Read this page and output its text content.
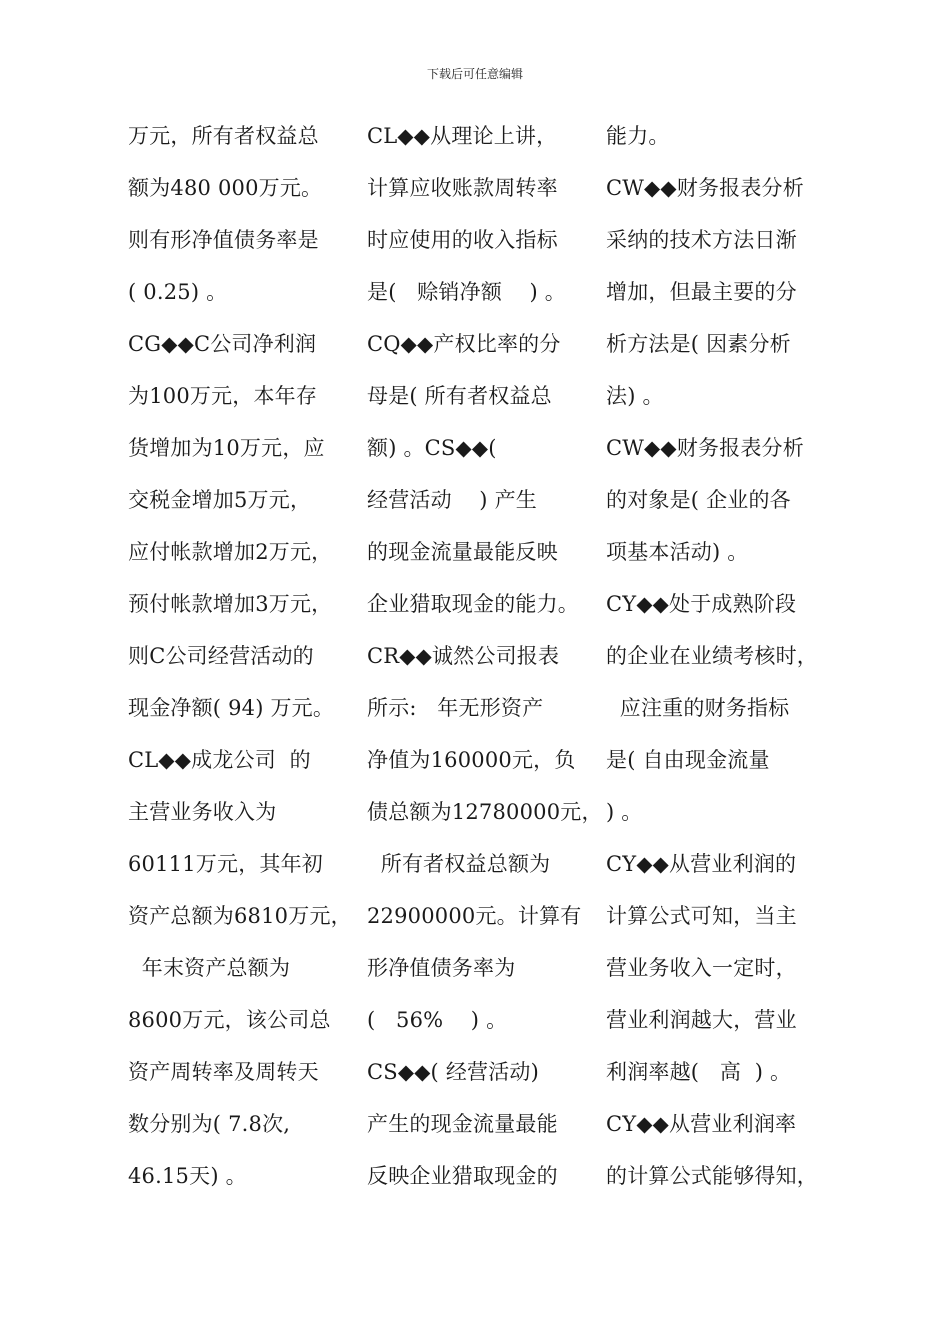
下载后可任意编辑
万元，所有者权益总
额为480 000万元。
则有形净值债务率是
( 0.25) 。
CG◆◆C公司净利润
为100万元，本年存
货增加为10万元，应
交税金增加5万元，
应付帐款增加2万元，
预付帐款增加3万元，
则C公司经营活动的
现金净额( 94) 万元。
CL◆◆成龙公司  的
主营业务收入为
60111万元，其年初
资产总额为6810万元，
年末资产总额为
8600万元，该公司总
资产周转率及周转天
数分别为( 7.8次,
46.15天) 。
CL◆◆从理论上讲，
计算应收账款周转率
时应使用的收入指标
是(   赊销净额    ) 。
CQ◆◆产权比率的分
母是( 所有者权益总
额) 。CS◆◆(
经营活动    ) 产生
的现金流量最能反映
企业猎取现金的能力。
CR◆◆诚然公司报表
所示:   年无形资产
净值为160000元，负
债总额为12780000元，
所有者权益总额为
22900000元。计算有
形净值债务率为
(   56%    ) 。
CS◆◆( 经营活动)
产生的现金流量最能
反映企业猎取现金的
能力。
CW◆◆财务报表分析
采纳的技术方法日渐
增加，但最主要的分
析方法是( 因素分析
法) 。
CW◆◆财务报表分析
的对象是( 企业的各
项基本活动) 。
CY◆◆处于成熟阶段
的企业在业绩考核时，
应注重的财务指标
是( 自由现金流量
) 。
CY◆◆从营业利润的
计算公式可知，当主
营业务收入一定时，
营业利润越大，营业
利润率越(   高  ) 。
CY◆◆从营业利润率
的计算公式能够得知，
